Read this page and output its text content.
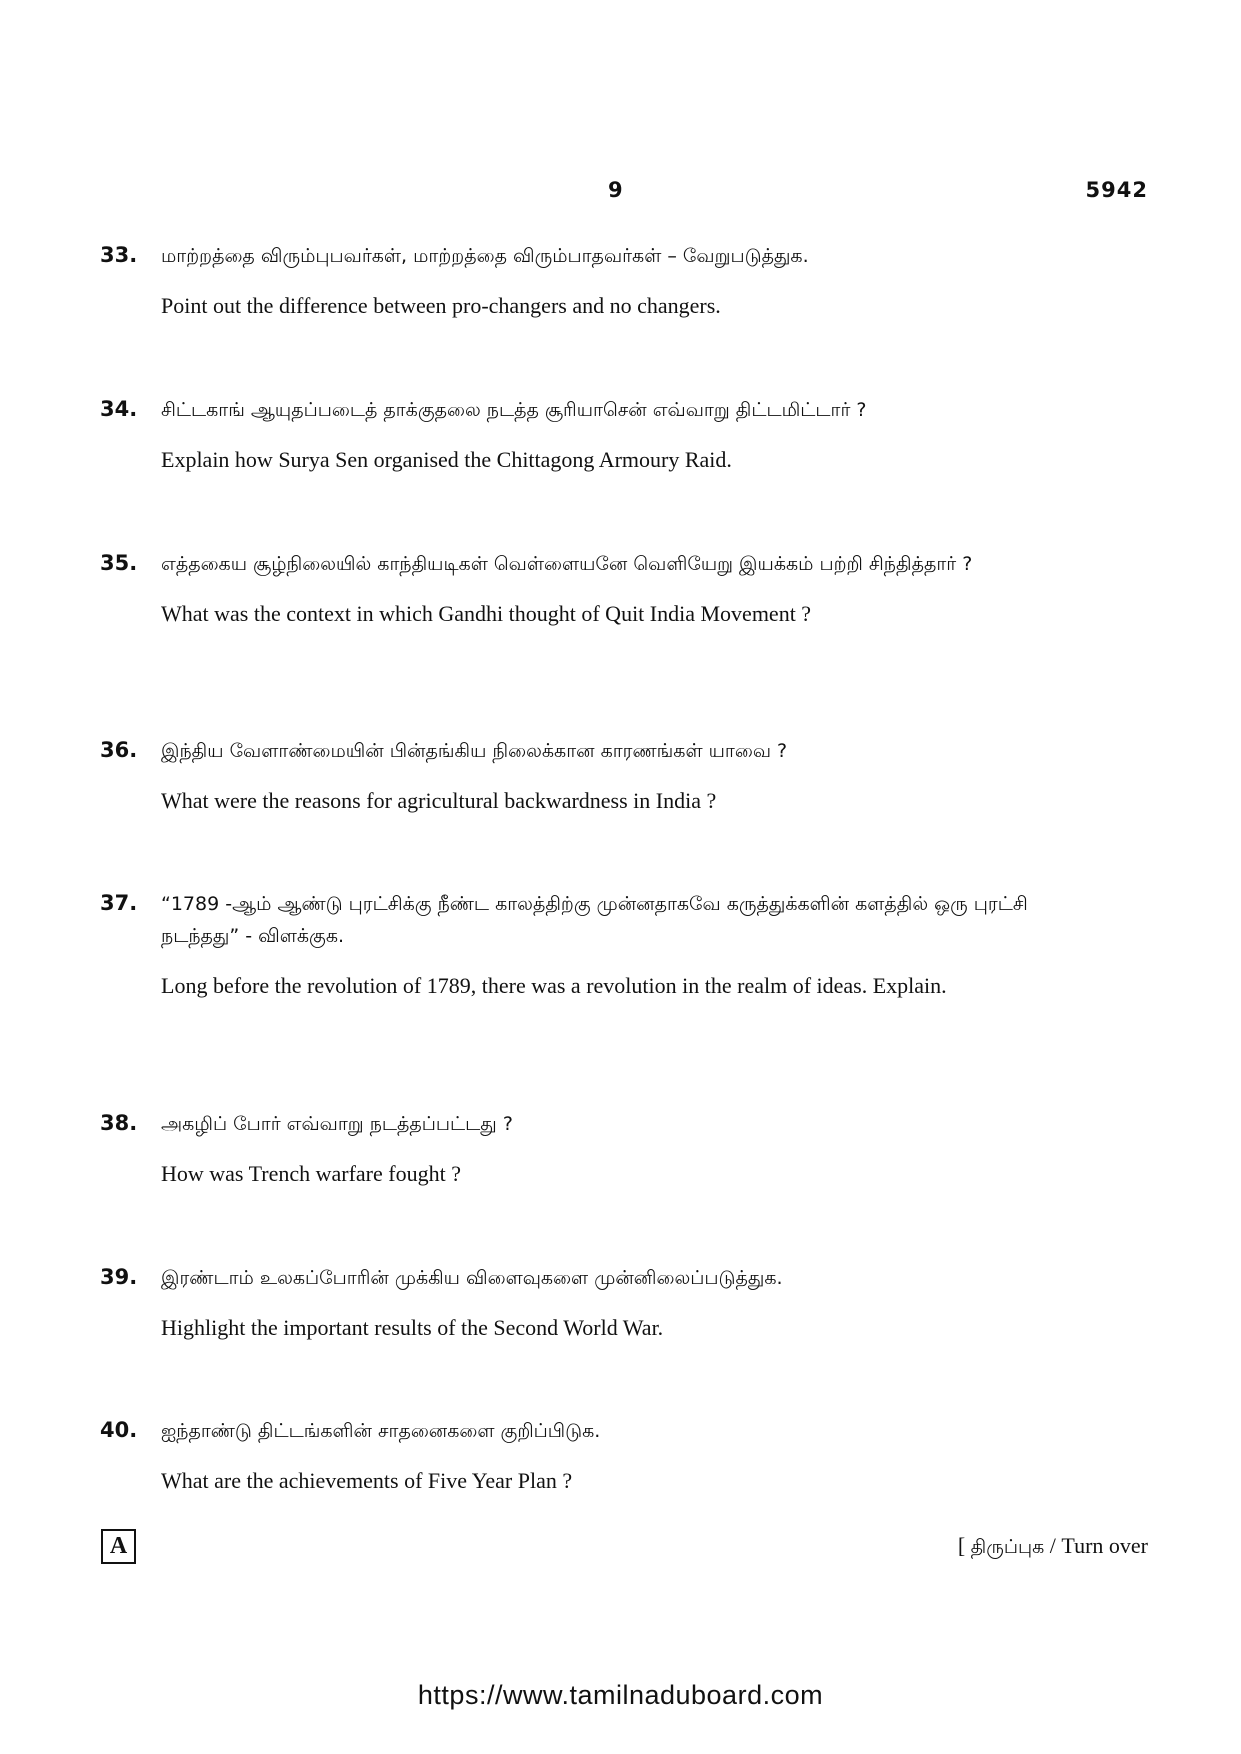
9	5942
33. மாற்றத்தை விரும்புபவர்கள், மாற்றத்தை விரும்பாதவர்கள் – வேறுபடுத்துக.

Point out the difference between pro-changers and no changers.

34. சிட்டகாங் ஆயுதப்படைத் தாக்குதலை நடத்த சூரியாசென் எவ்வாறு திட்டமிட்டார் ?

Explain how Surya Sen organised the Chittagong Armoury Raid.

35. எத்தகைய சூழ்நிலையில் காந்தியடிகள் வெள்ளையனே வெளியேறு இயக்கம் பற்றி சிந்தித்தார் ?

What was the context in which Gandhi thought of Quit India Movement ?

36. இந்திய வேளாண்மையின் பின்தங்கிய நிலைக்கான காரணங்கள் யாவை ?

What were the reasons for agricultural backwardness in India ?

37. “1789 -ஆம் ஆண்டு புரட்சிக்கு நீண்ட காலத்திற்கு முன்னதாகவே கருத்துக்களின் களத்தில் ஒரு புரட்சி நடந்தது” - விளக்குக.

Long before the revolution of 1789, there was a revolution in the realm of ideas. Explain.

38. அகழிப் போர் எவ்வாறு நடத்தப்பட்டது ?

How was Trench warfare fought ?

39. இரண்டாம் உலகப்போரின் முக்கிய விளைவுகளை முன்னிலைப்படுத்துக.

Highlight the important results of the Second World War.

40. ஐந்தாண்டு திட்டங்களின் சாதனைகளை குறிப்பிடுக.

What are the achievements of Five Year Plan ?

A	[ திருப்புக / Turn over
https://www.tamilnaduboard.com
